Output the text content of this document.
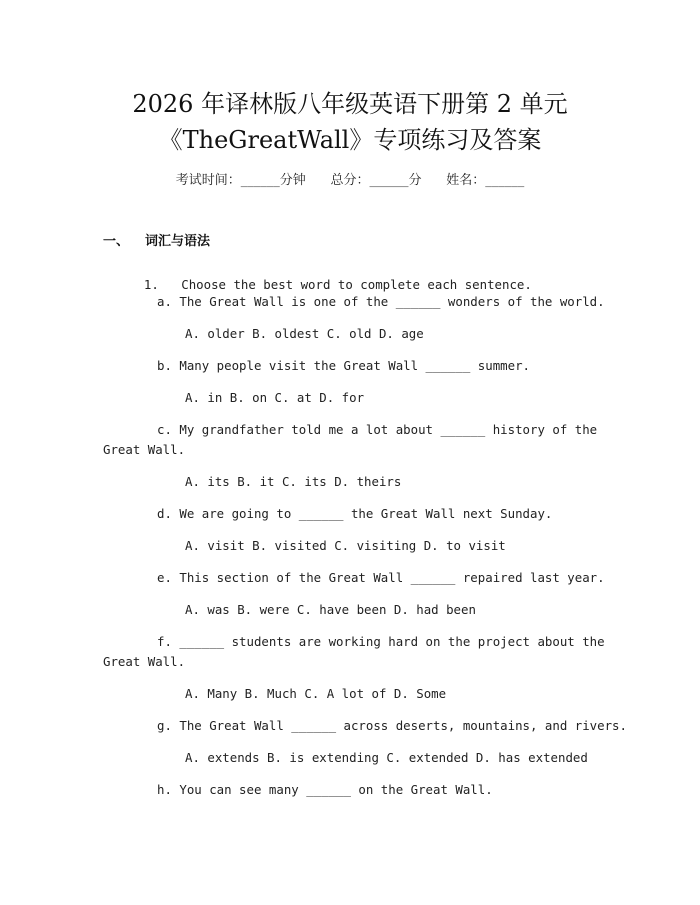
2026 年译林版八年级英语下册第 2 单元
《TheGreatWall》专项练习及答案
考试时间：______分钟      总分：______分      姓名：______
一、 词汇与语法

1. Choose the best word to complete each sentence.

a. The Great Wall is one of the ______ wonders of the world.
A. older B. oldest C. old D. age
b. Many people visit the Great Wall ______ summer.
A. in B. on C. at D. for
c. My grandfather told me a lot about ______ history of the
Great Wall.
A. its B. it C. its D. theirs
d. We are going to ______ the Great Wall next Sunday.
A. visit B. visited C. visiting D. to visit
e. This section of the Great Wall ______ repaired last year.
A. was B. were C. have been D. had been
f. ______ students are working hard on the project about the
Great Wall.
A. Many B. Much C. A lot of D. Some
g. The Great Wall ______ across deserts, mountains, and rivers.
A. extends B. is extending C. extended D. has extended
h. You can see many ______ on the Great Wall.
